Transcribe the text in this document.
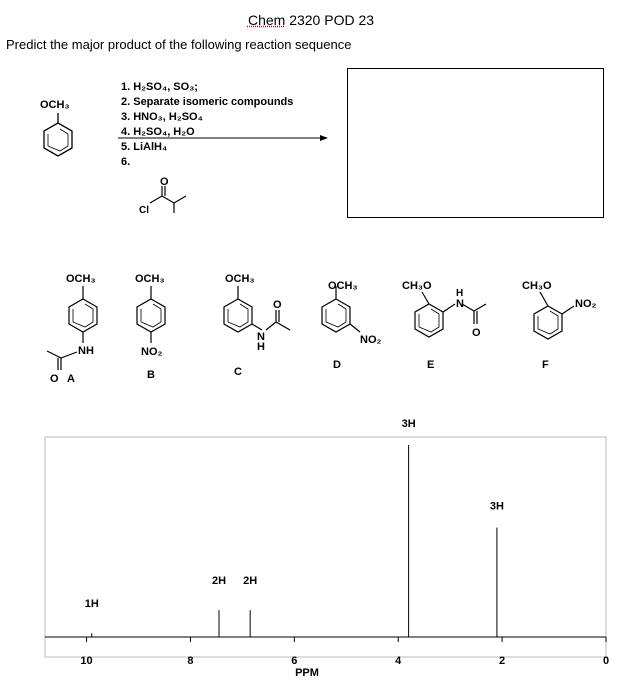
Chem 2320 POD 23
Predict the major product of the following reaction sequence
OCH₃
O
Cl
OCH₃
NH
O A
OCH₃
NO₂
B
OCH₃
N
H
O
C
OCH₃
NO₂
D
CH₃O
H
N
O
E
CH₃O
NO₂
F
1. H₂SO₄, SO₃;
2. Separate isomeric compounds
3. HNO₃, H₂SO₄
4. H₂SO₄, H₂O
5. LiAlH₄
6.
10	8	6	4	2	0
1H
2H 2H
3H
3H
PPM
